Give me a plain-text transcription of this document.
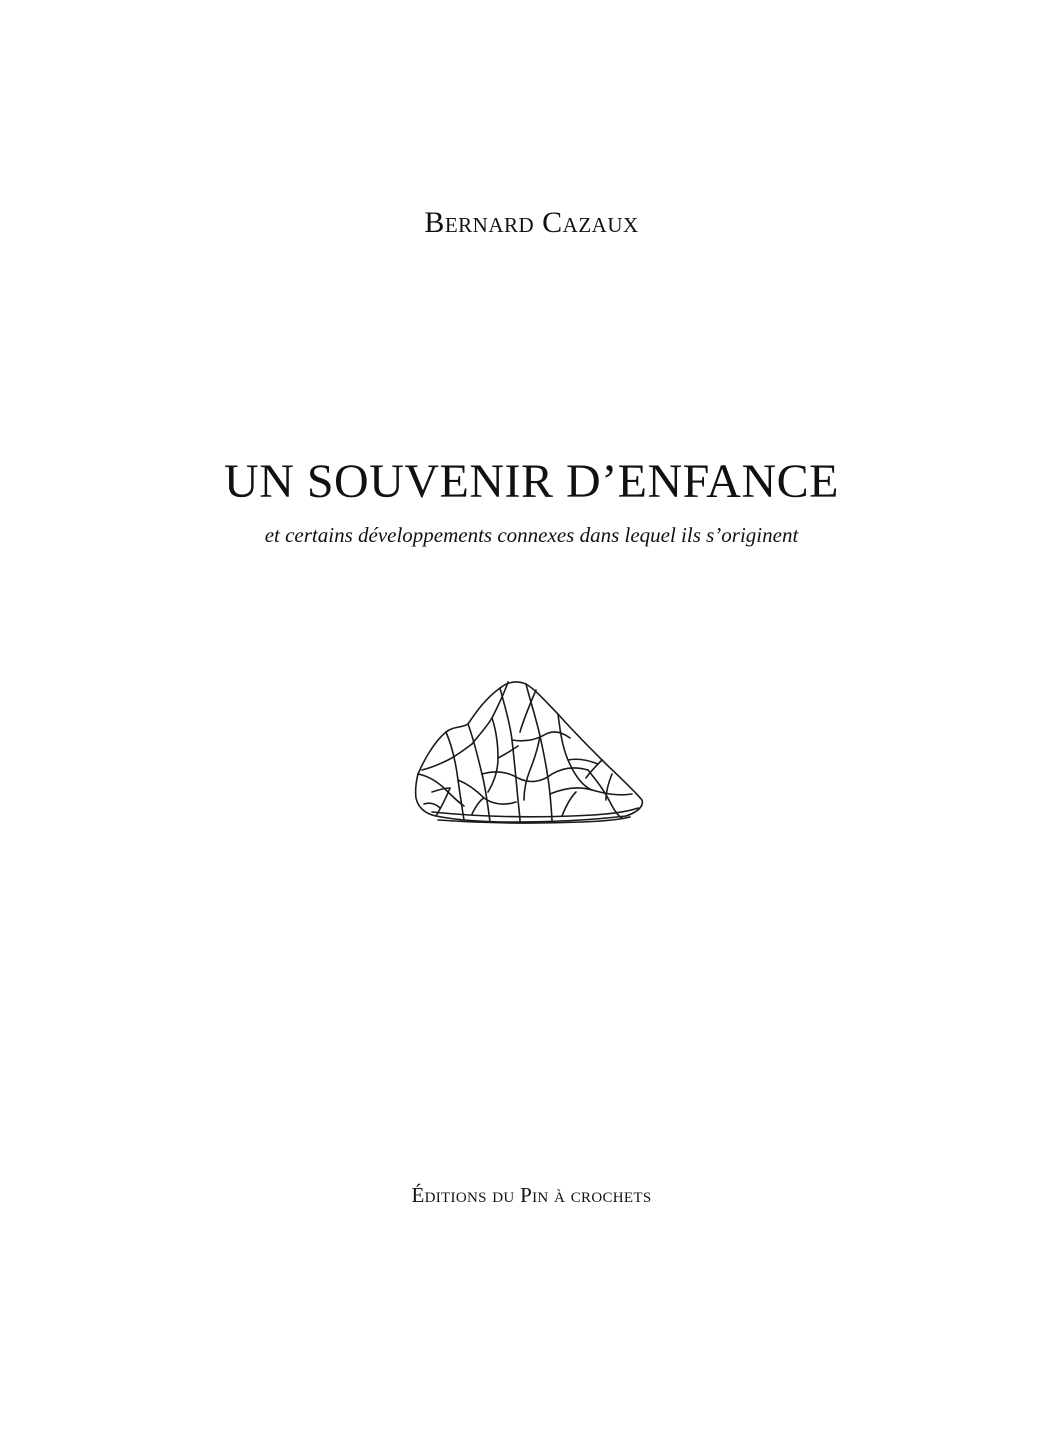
Bernard Cazaux
UN SOUVENIR D’ENFANCE
et certains développements connexes dans lequel ils s’originent
Éditions du Pin à crochets
